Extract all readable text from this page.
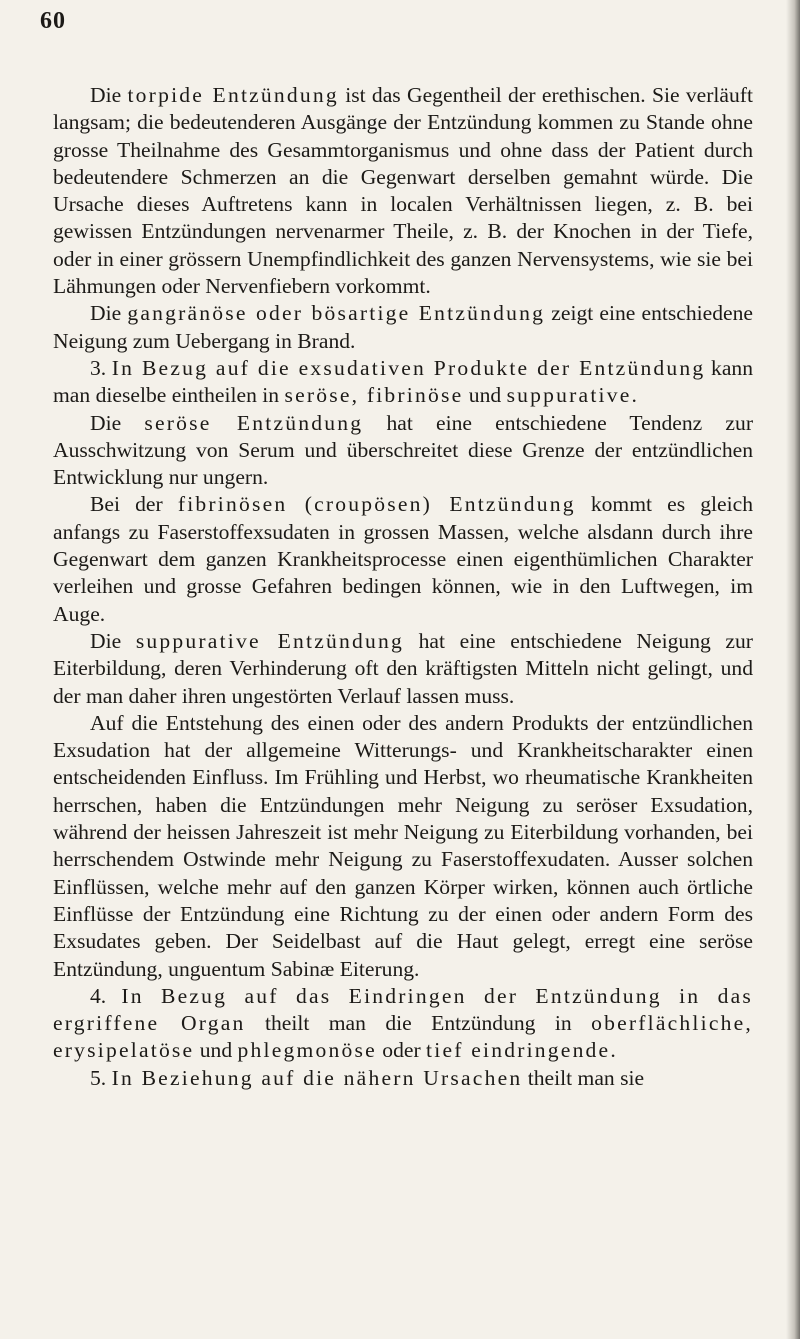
60

Die torpide Entzündung ist das Gegentheil der erethischen. Sie verläuft langsam; die bedeutenderen Ausgänge der Entzündung kommen zu Stande ohne grosse Theilnahme des Gesammtorganismus und ohne dass der Patient durch bedeutendere Schmerzen an die Gegenwart derselben gemahnt würde. Die Ursache dieses Auftretens kann in localen Verhältnissen liegen, z. B. bei gewissen Entzündungen nervenarmer Theile, z. B. der Knochen in der Tiefe, oder in einer grössern Unempfindlichkeit des ganzen Nervensystems, wie sie bei Lähmungen oder Nervenfiebern vorkommt.

Die gangränöse oder bösartige Entzündung zeigt eine entschiedene Neigung zum Uebergang in Brand.

3. In Bezug auf die exsudativen Produkte der Entzündung kann man dieselbe eintheilen in seröse, fibrinöse und suppurative.

Die seröse Entzündung hat eine entschiedene Tendenz zur Ausschwitzung von Serum und überschreitet diese Grenze der entzündlichen Entwicklung nur ungern.

Bei der fibrinösen (croupösen) Entzündung kommt es gleich anfangs zu Faserstoffexsudaten in grossen Massen, welche alsdann durch ihre Gegenwart dem ganzen Krankheitsprocesse einen eigenthümlichen Charakter verleihen und grosse Gefahren bedingen können, wie in den Luftwegen, im Auge.

Die suppurative Entzündung hat eine entschiedene Neigung zur Eiterbildung, deren Verhinderung oft den kräftigsten Mitteln nicht gelingt, und der man daher ihren ungestörten Verlauf lassen muss.

Auf die Entstehung des einen oder des andern Produkts der entzündlichen Exsudation hat der allgemeine Witterungs- und Krankheitscharakter einen entscheidenden Einfluss. Im Frühling und Herbst, wo rheumatische Krankheiten herrschen, haben die Entzündungen mehr Neigung zu seröser Exsudation, während der heissen Jahreszeit ist mehr Neigung zu Eiterbildung vorhanden, bei herrschendem Ostwinde mehr Neigung zu Faserstoffexudaten. Ausser solchen Einflüssen, welche mehr auf den ganzen Körper wirken, können auch örtliche Einflüsse der Entzündung eine Richtung zu der einen oder andern Form des Exsudates geben. Der Seidelbast auf die Haut gelegt, erregt eine seröse Entzündung, unguentum Sabinæ Eiterung.

4. In Bezug auf das Eindringen der Entzündung in das ergriffene Organ theilt man die Entzündung in oberflächliche, erysipelatöse und phlegmonöse oder tief eindringende.

5. In Beziehung auf die nähern Ursachen theilt man sie
